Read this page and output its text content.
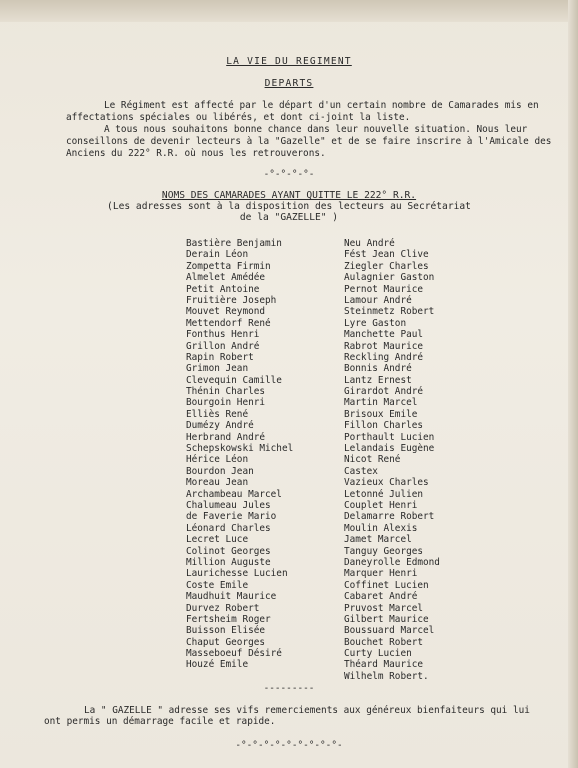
LA VIE DU REGIMENT
DEPARTS

Le Régiment est affecté par le départ d'un certain nombre de Camarades mis en

affectations spéciales ou libérés, et dont ci-joint la liste.

A tous nous souhaitons bonne chance dans leur nouvelle situation. Nous leur

conseillons de devenir lecteurs à la "Gazelle" et de se faire inscrire à l'Amicale des

Anciens du 222° R.R. où nous les retrouverons.

-°-°-°-°-
NOMS DES CAMARADES AYANT QUITTE LE 222° R.R.
(Les adresses sont à la disposition des lecteurs au Secrétariat
de la "GAZELLE" )
Bastière Benjamin
Derain Léon
Zompetta Firmin
Almelet Amédée
Petit Antoine
Fruitière Joseph
Mouvet Reymond
Mettendorf René
Fonthus Henri
Grillon André
Rapin Robert
Grimon Jean
Clevequin Camille
Thénin Charles
Bourgoin Henri
Elliès René
Dumézy André
Herbrand André
Schepskowski Michel
Hérice Léon
Bourdon Jean
Moreau Jean
Archambeau Marcel
Chalumeau Jules
de Faverie Mario
Léonard Charles
Lecret Luce
Colinot Georges
Million Auguste
Laurichesse Lucien
Coste Emile
Maudhuit Maurice
Durvez Robert
Fertsheim Roger
Buisson Elisée
Chaput Georges
Masseboeuf Désiré
Houzé Emile
Neu André
Fést Jean Clive
Ziegler Charles
Aulagnier Gaston
Pernot Maurice
Lamour André
Steinmetz Robert
Lyre Gaston
Manchette Paul
Rabrot Maurice
Reckling André
Bonnis André
Lantz Ernest
Girardot André
Martin Marcel
Brisoux Emile
Fillon Charles
Porthault Lucien
Lelandais Eugène
Nicot René
Castex
Vazieux Charles
Letonné Julien
Couplet Henri
Delamarre Robert
Moulin Alexis
Jamet Marcel
Tanguy Georges
Daneyrolle Edmond
Marquer Henri
Coffinet Lucien
Cabaret André
Pruvost Marcel
Gilbert Maurice
Boussuard Marcel
Bouchet Robert
Curty Lucien
Théard Maurice
Wilhelm Robert.
---------
La " GAZELLE " adresse ses vifs remerciements aux généreux bienfaiteurs qui lui
ont permis un démarrage facile et rapide.
-°-°-°-°-°-°-°-°-°-
